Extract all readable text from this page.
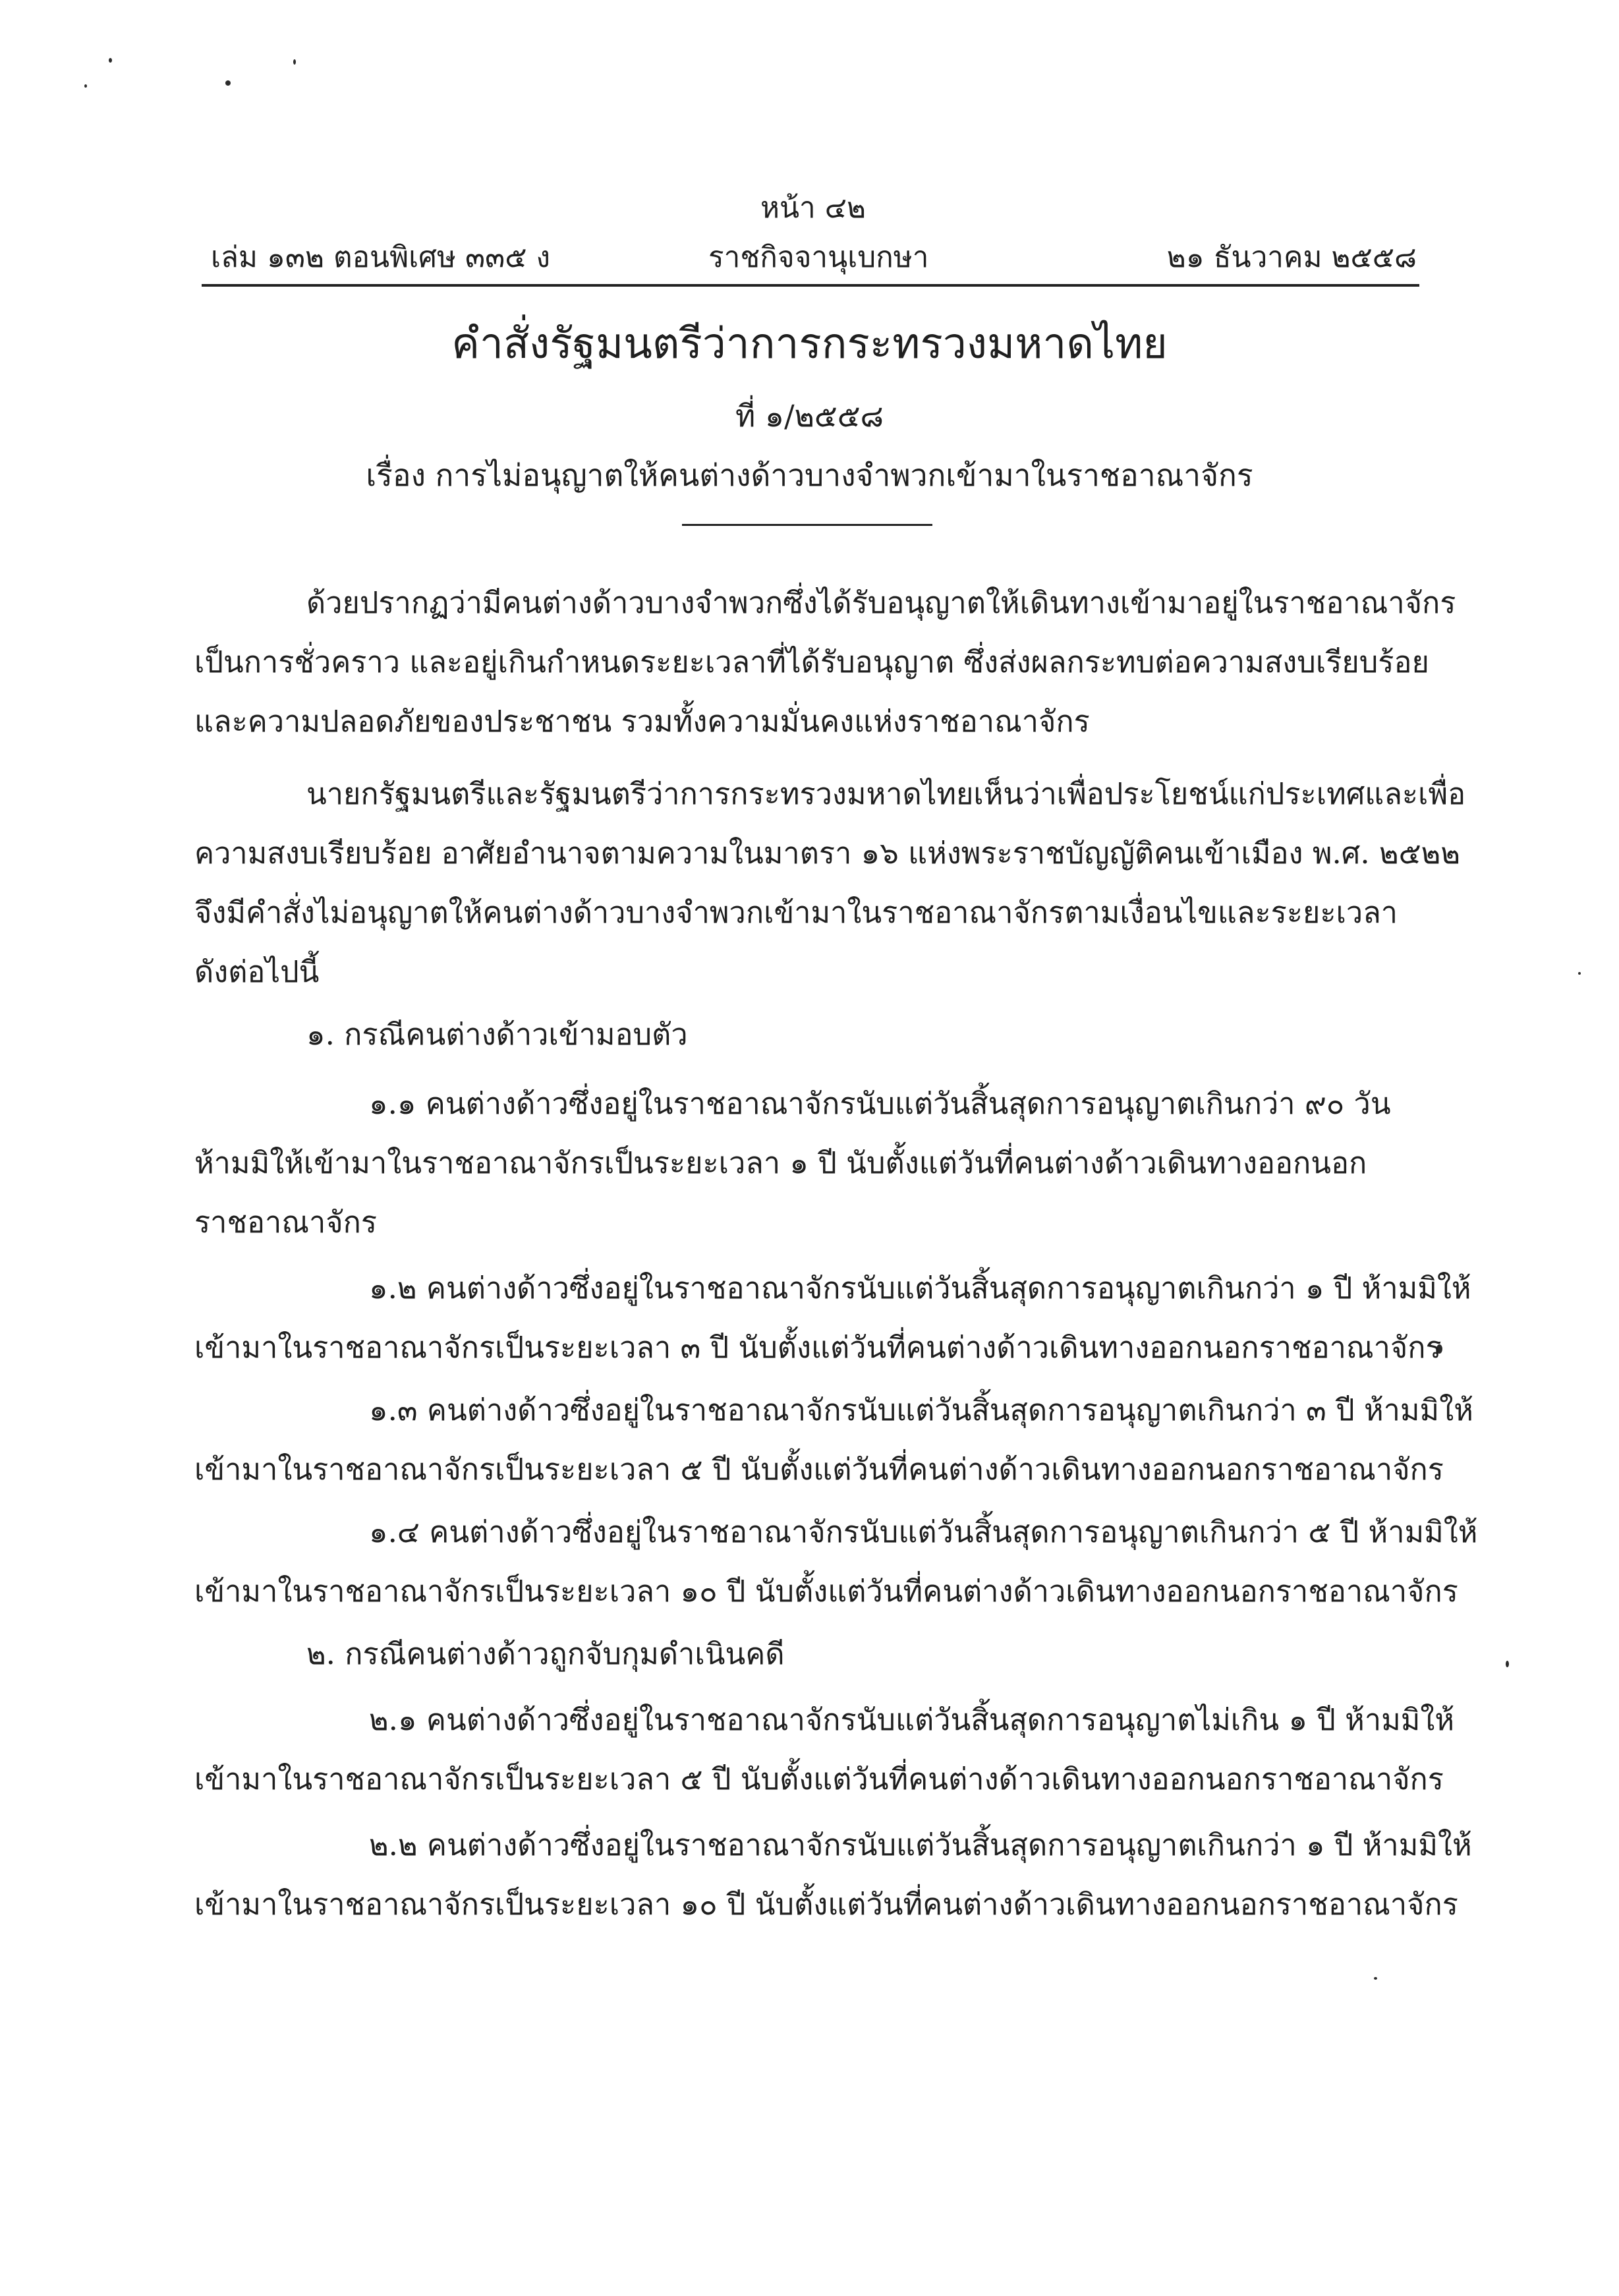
หน้า ๔๒
เล่ม ๑๓๒ ตอนพิเศษ ๓๓๕ ง	ราชกิจจานุเบกษา	๒๑ ธันวาคม ๒๕๕๘
คำสั่งรัฐมนตรีว่าการกระทรวงมหาดไทย
ที่ ๑/๒๕๕๘
เรื่อง การไม่อนุญาตให้คนต่างด้าวบางจำพวกเข้ามาในราชอาณาจักร
ด้วยปรากฏว่ามีคนต่างด้าวบางจำพวกซึ่งได้รับอนุญาตให้เดินทางเข้ามาอยู่ในราชอาณาจักร
เป็นการชั่วคราว และอยู่เกินกำหนดระยะเวลาที่ได้รับอนุญาต ซึ่งส่งผลกระทบต่อความสงบเรียบร้อย
และความปลอดภัยของประชาชน รวมทั้งความมั่นคงแห่งราชอาณาจักร
นายกรัฐมนตรีและรัฐมนตรีว่าการกระทรวงมหาดไทยเห็นว่าเพื่อประโยชน์แก่ประเทศและเพื่อ
ความสงบเรียบร้อย อาศัยอำนาจตามความในมาตรา ๑๖ แห่งพระราชบัญญัติคนเข้าเมือง พ.ศ. ๒๕๒๒
จึงมีคำสั่งไม่อนุญาตให้คนต่างด้าวบางจำพวกเข้ามาในราชอาณาจักรตามเงื่อนไขและระยะเวลา
ดังต่อไปนี้
๑. กรณีคนต่างด้าวเข้ามอบตัว
๑.๑ คนต่างด้าวซึ่งอยู่ในราชอาณาจักรนับแต่วันสิ้นสุดการอนุญาตเกินกว่า ๙๐ วัน
ห้ามมิให้เข้ามาในราชอาณาจักรเป็นระยะเวลา ๑ ปี นับตั้งแต่วันที่คนต่างด้าวเดินทางออกนอก
ราชอาณาจักร
๑.๒ คนต่างด้าวซึ่งอยู่ในราชอาณาจักรนับแต่วันสิ้นสุดการอนุญาตเกินกว่า ๑ ปี ห้ามมิให้
เข้ามาในราชอาณาจักรเป็นระยะเวลา ๓ ปี นับตั้งแต่วันที่คนต่างด้าวเดินทางออกนอกราชอาณาจักร
๑.๓ คนต่างด้าวซึ่งอยู่ในราชอาณาจักรนับแต่วันสิ้นสุดการอนุญาตเกินกว่า ๓ ปี ห้ามมิให้
เข้ามาในราชอาณาจักรเป็นระยะเวลา ๕ ปี นับตั้งแต่วันที่คนต่างด้าวเดินทางออกนอกราชอาณาจักร
๑.๔ คนต่างด้าวซึ่งอยู่ในราชอาณาจักรนับแต่วันสิ้นสุดการอนุญาตเกินกว่า ๕ ปี ห้ามมิให้
เข้ามาในราชอาณาจักรเป็นระยะเวลา ๑๐ ปี นับตั้งแต่วันที่คนต่างด้าวเดินทางออกนอกราชอาณาจักร
๒. กรณีคนต่างด้าวถูกจับกุมดำเนินคดี
๒.๑ คนต่างด้าวซึ่งอยู่ในราชอาณาจักรนับแต่วันสิ้นสุดการอนุญาตไม่เกิน ๑ ปี ห้ามมิให้
เข้ามาในราชอาณาจักรเป็นระยะเวลา ๕ ปี นับตั้งแต่วันที่คนต่างด้าวเดินทางออกนอกราชอาณาจักร
๒.๒ คนต่างด้าวซึ่งอยู่ในราชอาณาจักรนับแต่วันสิ้นสุดการอนุญาตเกินกว่า ๑ ปี ห้ามมิให้
เข้ามาในราชอาณาจักรเป็นระยะเวลา ๑๐ ปี นับตั้งแต่วันที่คนต่างด้าวเดินทางออกนอกราชอาณาจักร
